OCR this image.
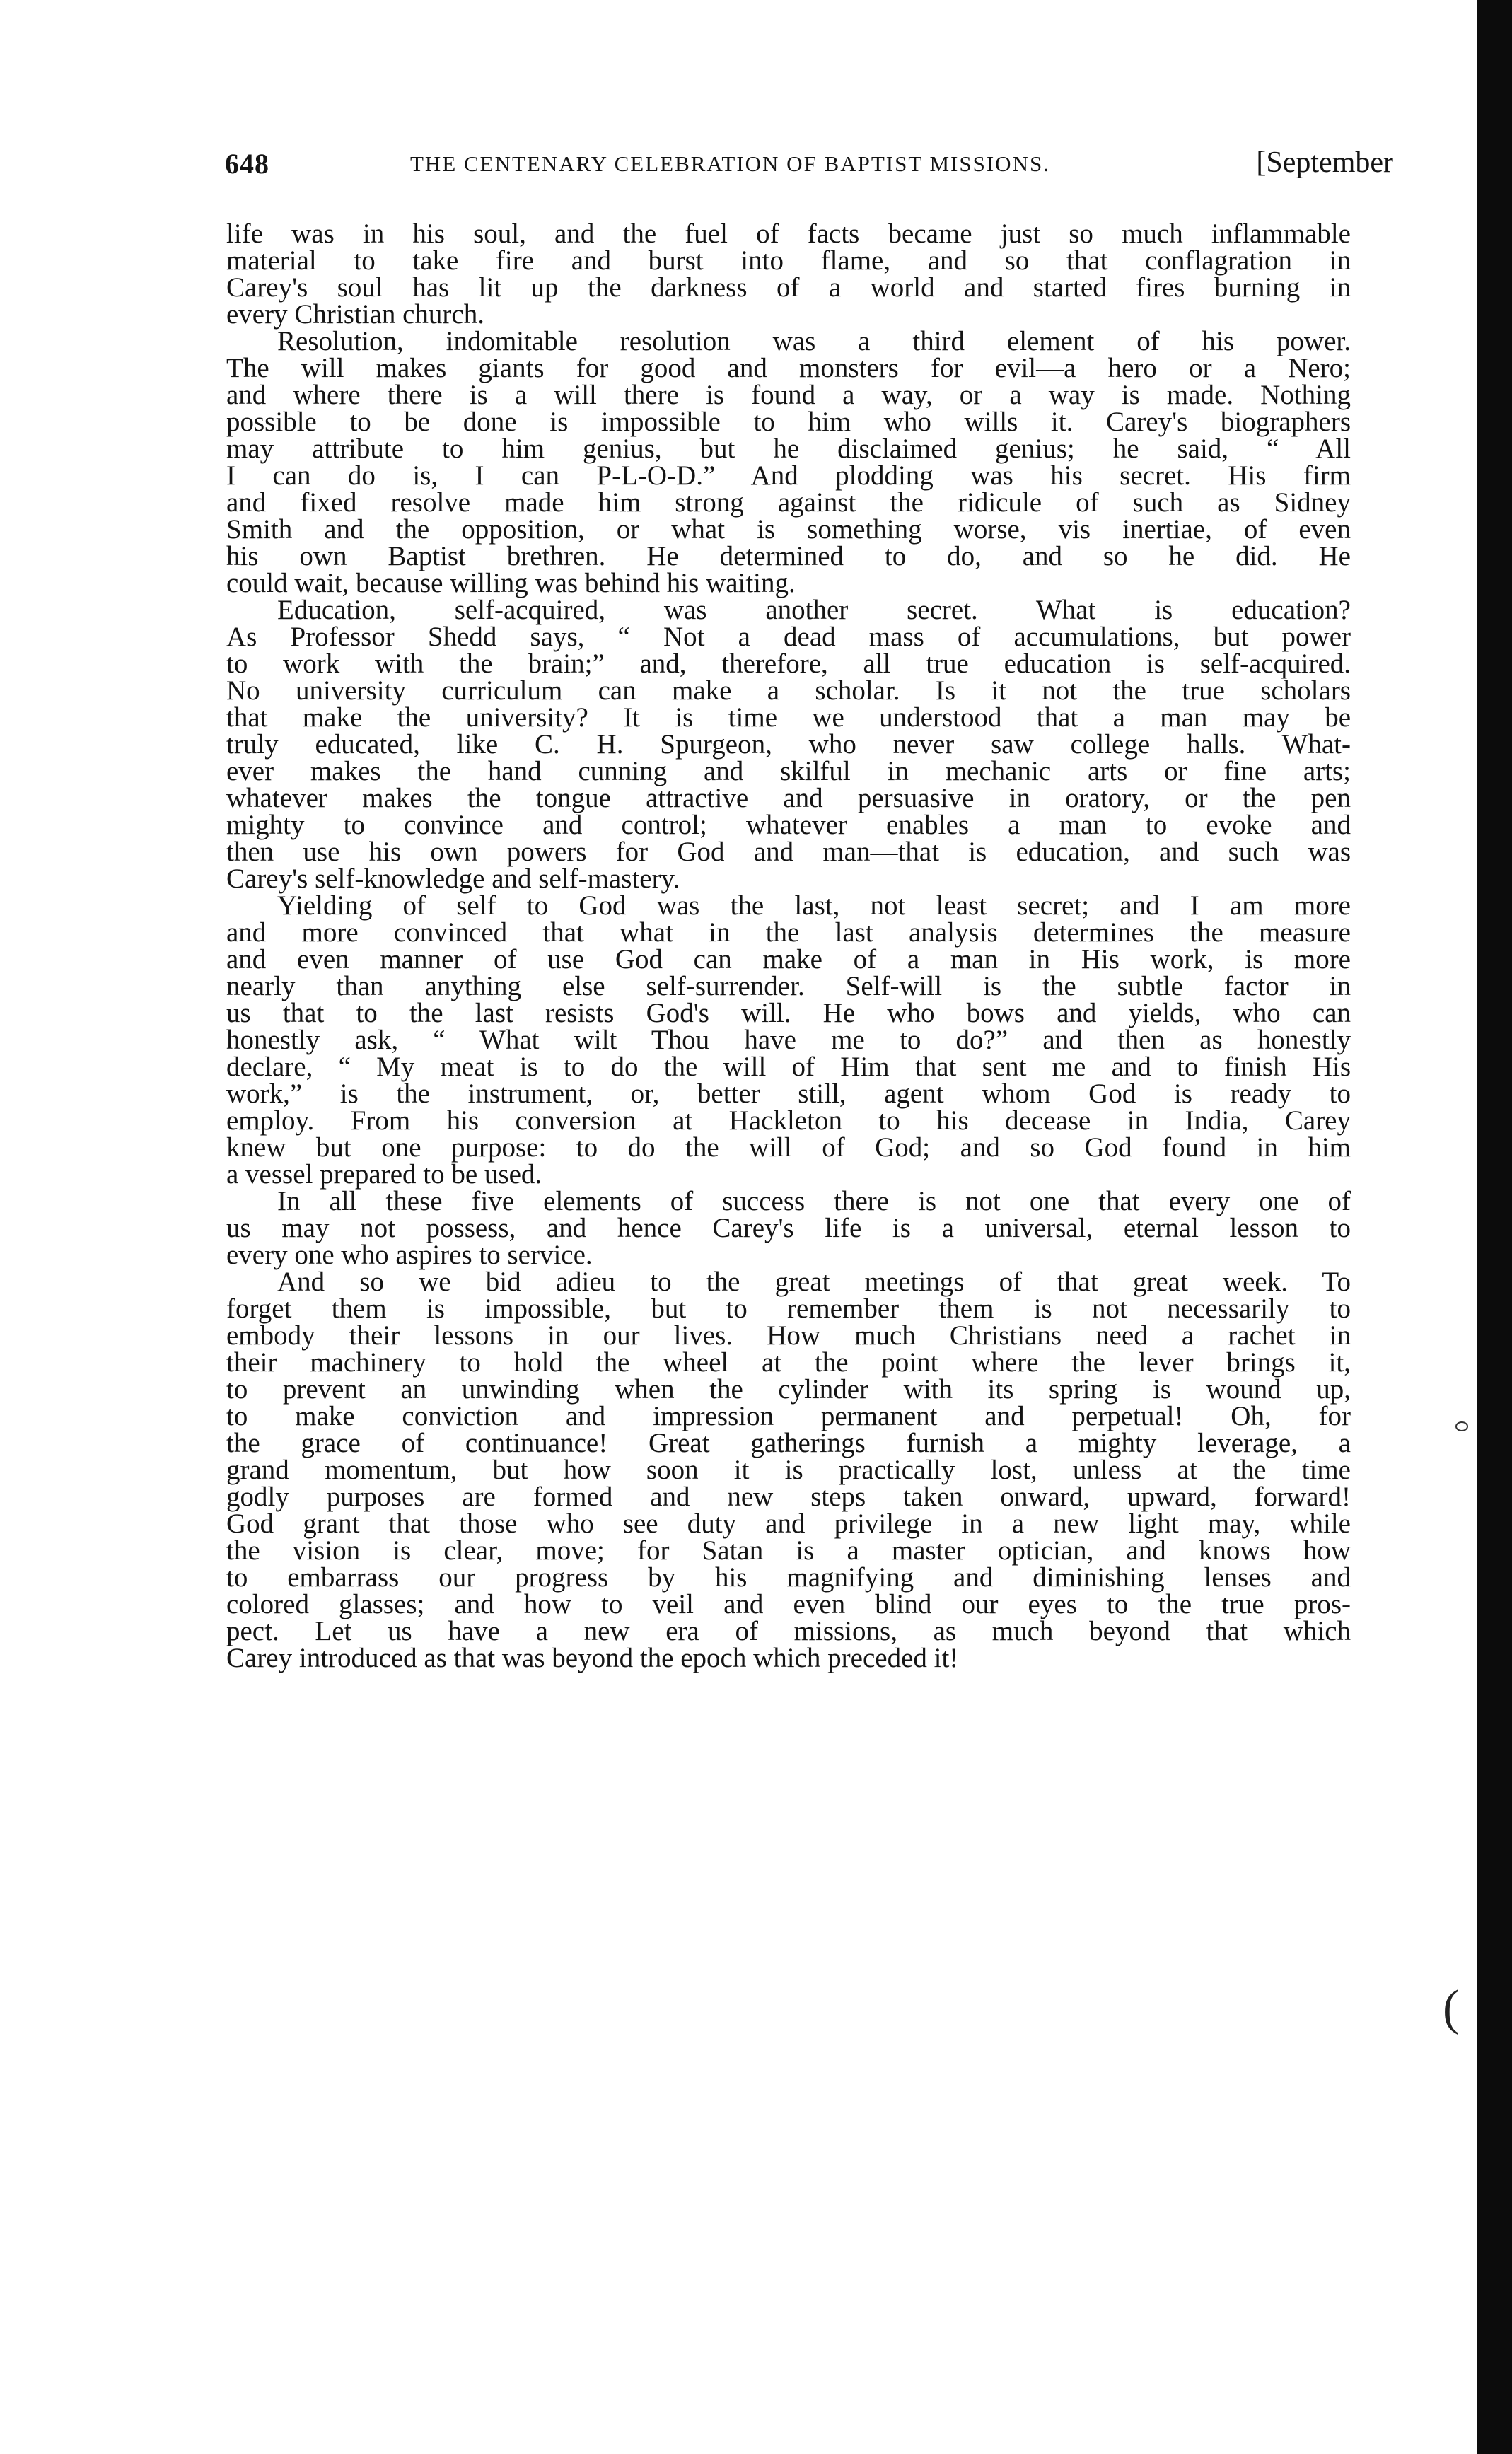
648	THE CENTENARY CELEBRATION OF BAPTIST MISSIONS.	[September
life was in his soul, and the fuel of facts became just so much inflammable
material to take fire and burst into flame, and so that conflagration in
Carey's soul has lit up the darkness of a world and started fires burning in
every Christian church.
Resolution, indomitable resolution was a third element of his power.
The will makes giants for good and monsters for evil—a hero or a Nero;
and where there is a will there is found a way, or a way is made. Nothing
possible to be done is impossible to him who wills it. Carey's biographers
may attribute to him genius, but he disclaimed genius; he said, “ All
I can do is, I can P-L-O-D.” And plodding was his secret. His firm
and fixed resolve made him strong against the ridicule of such as Sidney
Smith and the opposition, or what is something worse, vis inertiae, of even
his own Baptist brethren. He determined to do, and so he did. He
could wait, because willing was behind his waiting.
Education, self-acquired, was another secret. What is education?
As Professor Shedd says, “ Not a dead mass of accumulations, but power
to work with the brain;” and, therefore, all true education is self-acquired.
No university curriculum can make a scholar. Is it not the true scholars
that make the university? It is time we understood that a man may be
truly educated, like C. H. Spurgeon, who never saw college halls. What-
ever makes the hand cunning and skilful in mechanic arts or fine arts;
whatever makes the tongue attractive and persuasive in oratory, or the pen
mighty to convince and control; whatever enables a man to evoke and
then use his own powers for God and man—that is education, and such was
Carey's self-knowledge and self-mastery.
Yielding of self to God was the last, not least secret; and I am more
and more convinced that what in the last analysis determines the measure
and even manner of use God can make of a man in His work, is more
nearly than anything else self-surrender. Self-will is the subtle factor in
us that to the last resists God's will. He who bows and yields, who can
honestly ask, “ What wilt Thou have me to do?” and then as honestly
declare, “ My meat is to do the will of Him that sent me and to finish His
work,” is the instrument, or, better still, agent whom God is ready to
employ. From his conversion at Hackleton to his decease in India, Carey
knew but one purpose: to do the will of God; and so God found in him
a vessel prepared to be used.
In all these five elements of success there is not one that every one of
us may not possess, and hence Carey's life is a universal, eternal lesson to
every one who aspires to service.
And so we bid adieu to the great meetings of that great week. To
forget them is impossible, but to remember them is not necessarily to
embody their lessons in our lives. How much Christians need a rachet in
their machinery to hold the wheel at the point where the lever brings it,
to prevent an unwinding when the cylinder with its spring is wound up,
to make conviction and impression permanent and perpetual! Oh, for
the grace of continuance! Great gatherings furnish a mighty leverage, a
grand momentum, but how soon it is practically lost, unless at the time
godly purposes are formed and new steps taken onward, upward, forward!
God grant that those who see duty and privilege in a new light may, while
the vision is clear, move; for Satan is a master optician, and knows how
to embarrass our progress by his magnifying and diminishing lenses and
colored glasses; and how to veil and even blind our eyes to the true pros-
pect. Let us have a new era of missions, as much beyond that which
Carey introduced as that was beyond the epoch which preceded it!
(
